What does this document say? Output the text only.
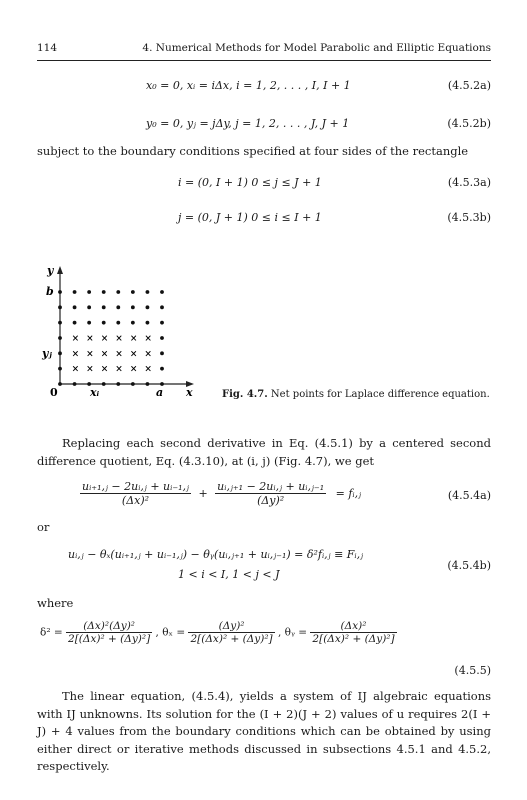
114	4. Numerical Methods for Model Parabolic and Elliptic Equations
x₀ = 0, xᵢ = iΔx, i = 1, 2, . . . , I, I + 1	(4.5.2a)
y₀ = 0, yⱼ = jΔy, j = 1, 2, . . . , J, J + 1	(4.5.2b)
subject to the boundary conditions specified at four sides of the rectangle
i = (0, I + 1) 0 ≤ j ≤ J + 1	(4.5.3a)
j = (0, J + 1) 0 ≤ i ≤ I + 1	(4.5.3b)
× × × × × ×
× × × × × ×
× × × × × ×
y
b
yⱼ
0	xᵢ	a x	Fig. 4.7. Net points for Laplace difference equation.
Replacing each second derivative in Eq. (4.5.1) by a centered second difference quotient, Eq. (4.3.10), at (i, j) (Fig. 4.7), we get
$\frac{\text{uᵢ₊₁,ⱼ − 2uᵢ,ⱼ + uᵢ₋₁,ⱼ}}{\text{(Δx)²}} + \frac{\text{uᵢ,ⱼ₊₁ − 2uᵢ,ⱼ + uᵢ,ⱼ₋₁}}{\text{(Δy)²}}$ = fᵢ,ⱼ	(4.5.4a)
or
uᵢ,ⱼ − θₓ(uᵢ₊₁,ⱼ + uᵢ₋₁,ⱼ) − θᵧ(uᵢ,ⱼ₊₁ + uᵢ,ⱼ₋₁) = δ²fᵢ,ⱼ ≡ Fᵢ,ⱼ
1 < i < I, 1 < j < J
(4.5.4b)
where
$\delta^2 = \frac{\text{(Δx)²(Δy)²}}{\text{2[(Δx)² + (Δy)²]}}$ , $\theta_x = \frac{\text{(Δy)²}}{\text{2[(Δx)² + (Δy)²]}}$ , θᵧ = $\frac{\text{(Δx)²}}{\text{2[(Δx)² + (Δy)²]}}$
(4.5.5)
The linear equation, (4.5.4), yields a system of IJ algebraic equations with IJ unknowns. Its solution for the (I + 2)(J + 2) values of u requires 2(I + J) + 4 values from the boundary conditions which can be obtained by using either direct or iterative methods discussed in subsections 4.5.1 and 4.5.2, respectively.
